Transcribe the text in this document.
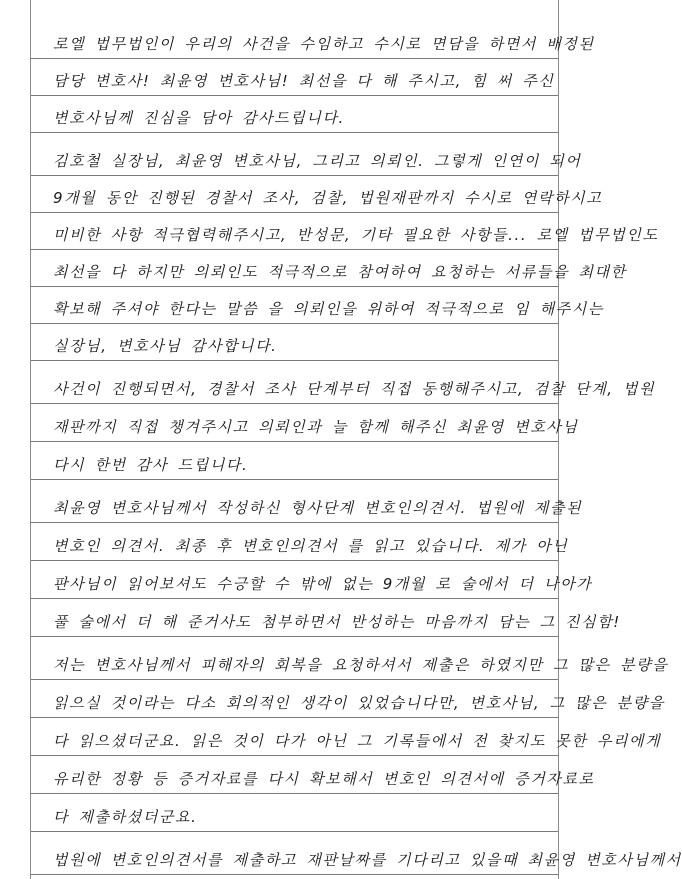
로엘 법무법인이 우리의 사건을 수임하고 수시로 면담을 하면서 배정된
담당 변호사! 최윤영 변호사님! 최선을 다 해 주시고, 힘 써 주신
변호사님께 진심을 담아 감사드립니다.
김호철 실장님, 최윤영 변호사님, 그리고 의뢰인. 그렇게 인연이 되어
9개월 동안 진행된 경찰서 조사, 검찰, 법원재판까지 수시로 연락하시고
미비한 사항 적극협력해주시고, 반성문, 기타 필요한 사항들... 로엘 법무법인도
최선을 다 하지만 의뢰인도 적극적으로 참여하여 요청하는 서류들을 최대한
확보해 주셔야 한다는 말씀 을 의뢰인을 위하여 적극적으로 임 해주시는
실장님, 변호사님 감사합니다.
사건이 진행되면서, 경찰서 조사 단계부터 직접 동행해주시고, 검찰 단계, 법원
재판까지 직접 챙겨주시고 의뢰인과 늘 함께 해주신 최윤영 변호사님
다시 한번 감사 드립니다.
최윤영 변호사님께서 작성하신 형사단계 변호인의견서. 법원에 제출된
변호인 의견서. 최종 후 변호인의견서 를 읽고 있습니다. 제가 아닌
판사님이 읽어보셔도 수긍할 수 밖에 없는 9개월 로 술에서 더 나아가
풀 술에서 더 해 준거사도 첨부하면서 반성하는 마음까지 담는 그 진심함!
저는 변호사님께서 피해자의 회복을 요청하셔서 제출은 하였지만 그 많은 분량을
읽으실 것이라는 다소 회의적인 생각이 있었습니다만, 변호사님, 그 많은 분량을
다 읽으셨더군요. 읽은 것이 다가 아닌 그 기록들에서 전 찾지도 못한 우리에게
유리한 정황 등 증거자료를 다시 확보해서 변호인 의견서에 증거자료로
다 제출하셨더군요.
법원에 변호인의견서를 제출하고 재판날짜를 기다리고 있을때 최윤영 변호사님께서
